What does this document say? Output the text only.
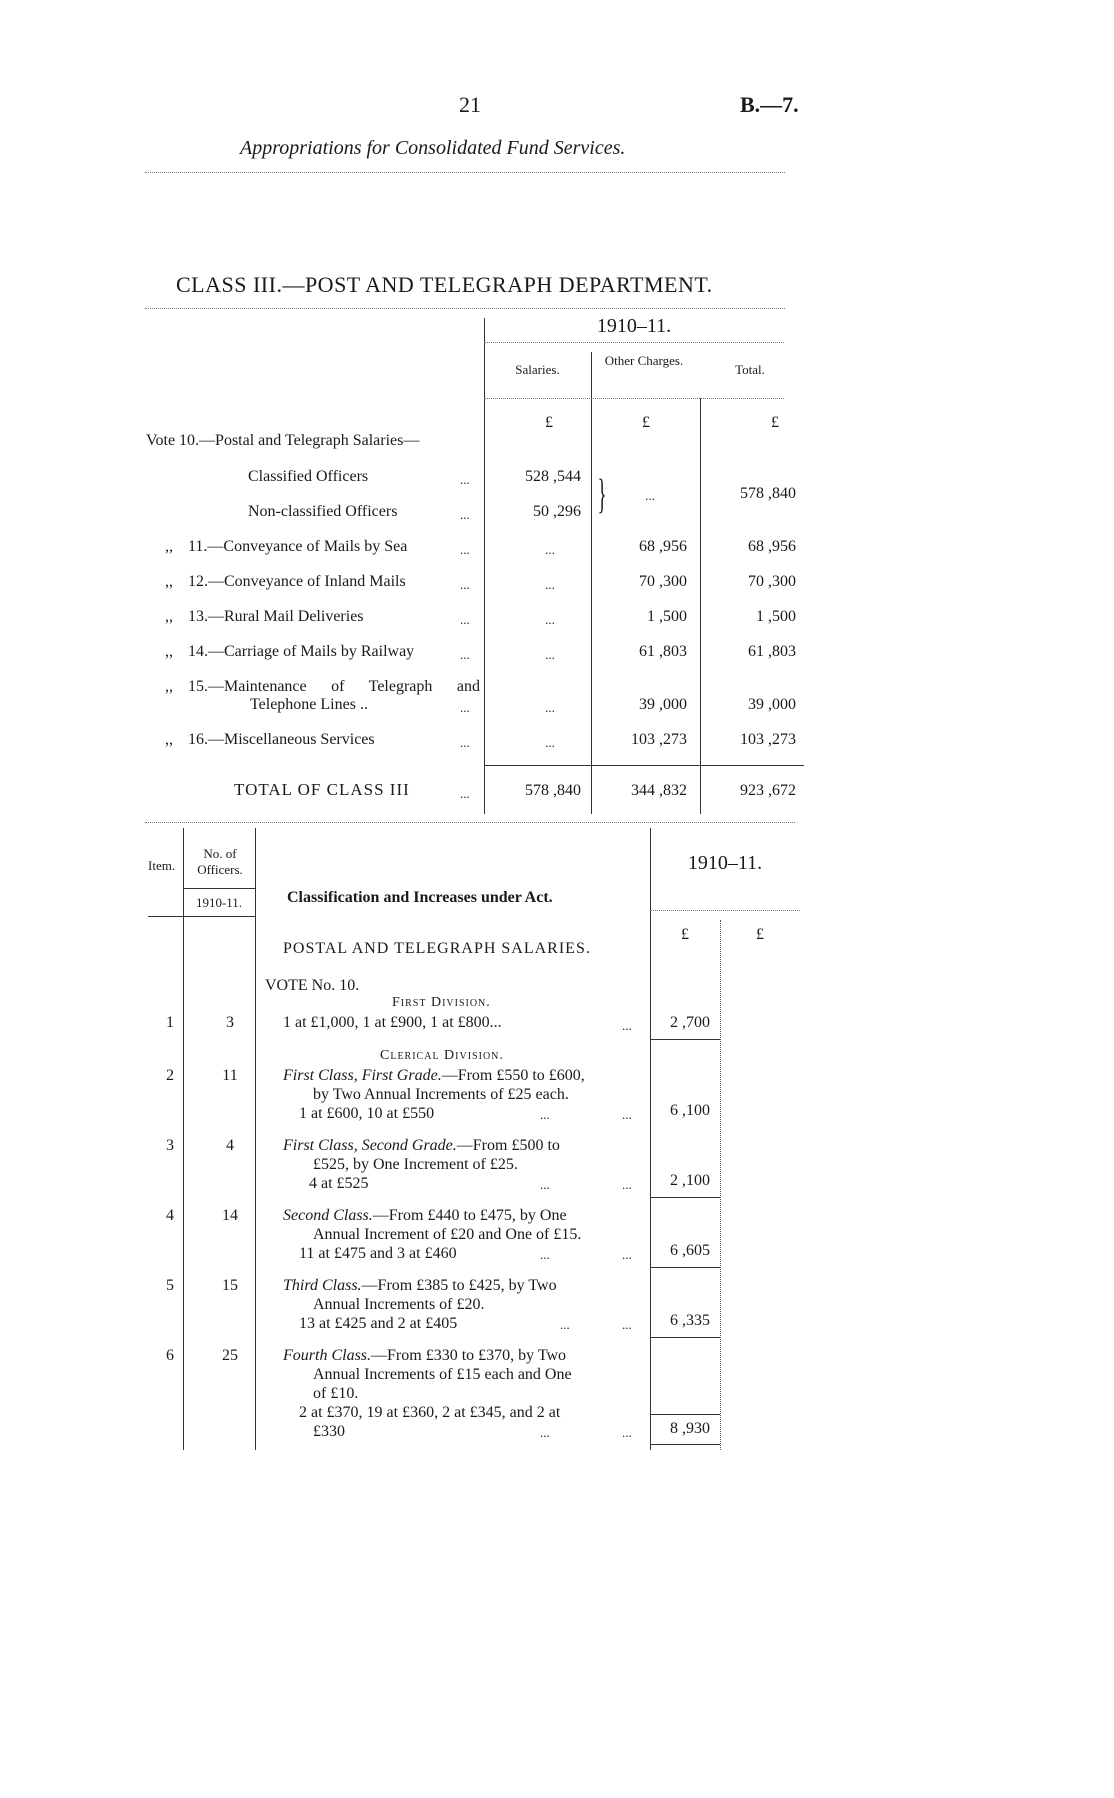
21	B.—7.
Appropriations for Consolidated Fund Services.
CLASS III.—POST AND TELEGRAPH DEPARTMENT.
1910–11.
Salaries.
Other Charges.
Total.
£	£	£
Vote 10.—Postal and Telegraph Salaries—
Classified Officers	...	528 ,544
Non-classified Officers	...	50 ,296 }	...	578 ,840
,, 11.—Conveyance of Mails by Sea	...	...	68 ,956	68 ,956
,, 12.—Conveyance of Inland Mails	...	...	70 ,300	70 ,300
,, 13.—Rural Mail Deliveries	...	...	1 ,500	1 ,500
,, 14.—Carriage of Mails by Railway	...	...	61 ,803	61 ,803
,, 15.—Maintenance of Telegraph and
Telephone Lines ..	...	...	39 ,000	39 ,000
,, 16.—Miscellaneous Services	...	...	103 ,273	103 ,273
TOTAL OF CLASS III	...	578 ,840	344 ,832	923 ,672
Item.
No. of Officers.
1910-11.	Classification and Increases under Act.
1910–11.
£	£
POSTAL AND TELEGRAPH SALARIES.
VOTE No. 10.
First Division.
1	3	1 at £1,000, 1 at £900, 1 at £800...	...	2 ,700
Clerical Division.
2	11	First Class, First Grade.—From £550 to £600,
by Two Annual Increments of £25 each.
1 at £600, 10 at £550	...	...	6 ,100
3	4	First Class, Second Grade.—From £500 to
£525, by One Increment of £25.
4 at £525	...	...	2 ,100
4	14	Second Class.—From £440 to £475, by One
Annual Increment of £20 and One of £15.
11 at £475 and 3 at £460	...	...	6 ,605
5	15	Third Class.—From £385 to £425, by Two
Annual Increments of £20.
13 at £425 and 2 at £405	...	...	6 ,335
6	25	Fourth Class.—From £330 to £370, by Two
Annual Increments of £15 each and One
of £10.
2 at £370, 19 at £360, 2 at £345, and 2 at
£330	...	...	8 ,930
